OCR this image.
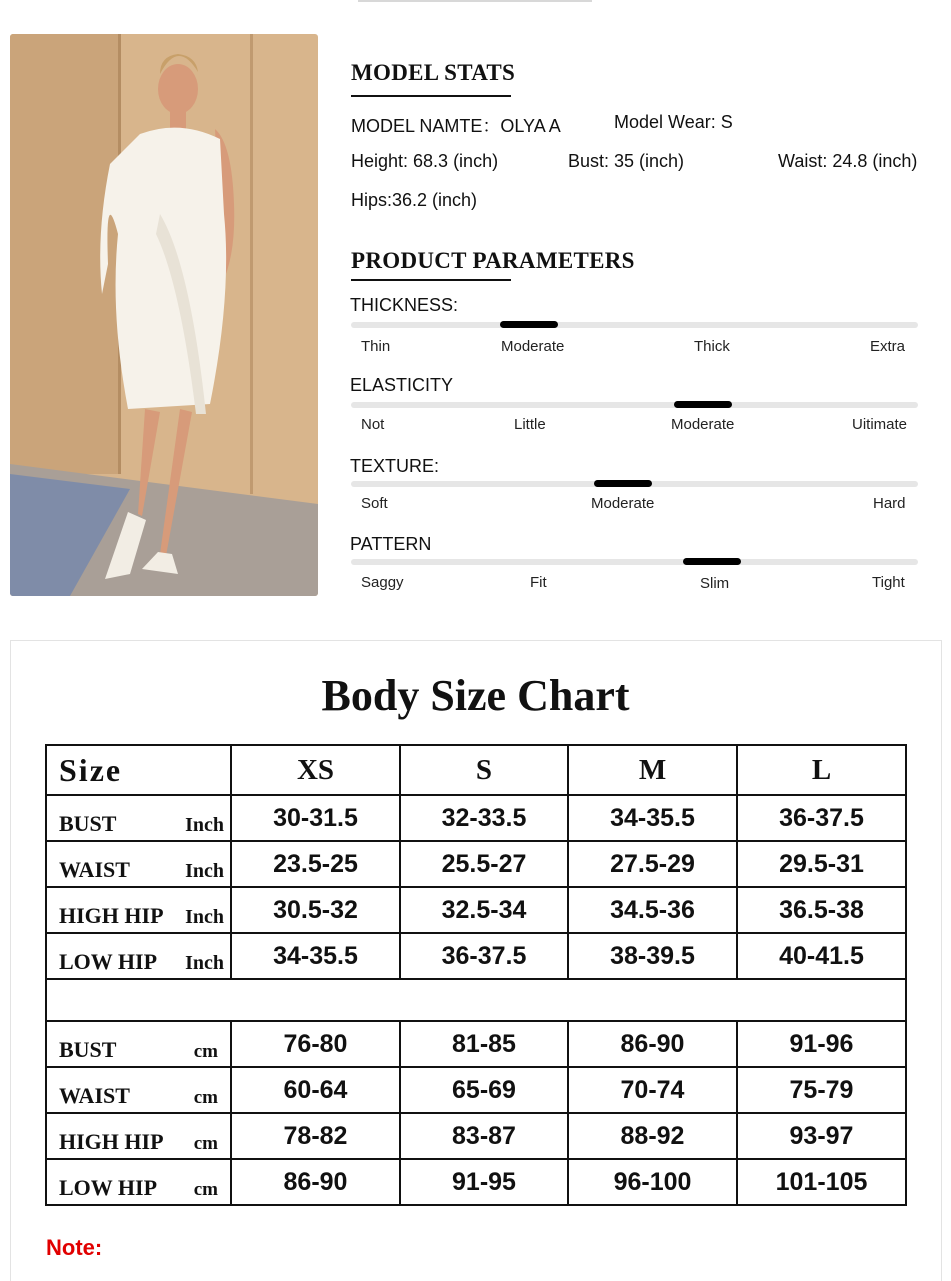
MODEL STATS
MODEL NAMTE：OLYA A	Model Wear: S
Height: 68.3 (inch)	Bust: 35 (inch)	Waist: 24.8 (inch)
Hips:36.2 (inch)
PRODUCT PARAMETERS
THICKNESS:
Thin	Moderate	Thick	Extra
ELASTICITY
Not	Little	Moderate	Uitimate
TEXTURE:
Soft	Moderate	Hard
PATTERN
Saggy	Fit	Slim	Tight
Body Size Chart
Size	XS	S	M	L

BUST Inch	30-31.5	32-33.5	34-35.5	36-37.5

WAIST Inch	23.5-25	25.5-27	27.5-29	29.5-31

HIGH HIP Inch	30.5-32	32.5-34	34.5-36	36.5-38

LOW HIP Inch	34-35.5	36-37.5	38-39.5	40-41.5

BUST cm	76-80	81-85	86-90	91-96

WAIST cm	60-64	65-69	70-74	75-79

HIGH HIP cm	78-82	83-87	88-92	93-97

LOW HIP cm	86-90	91-95	96-100	101-105
Note:
